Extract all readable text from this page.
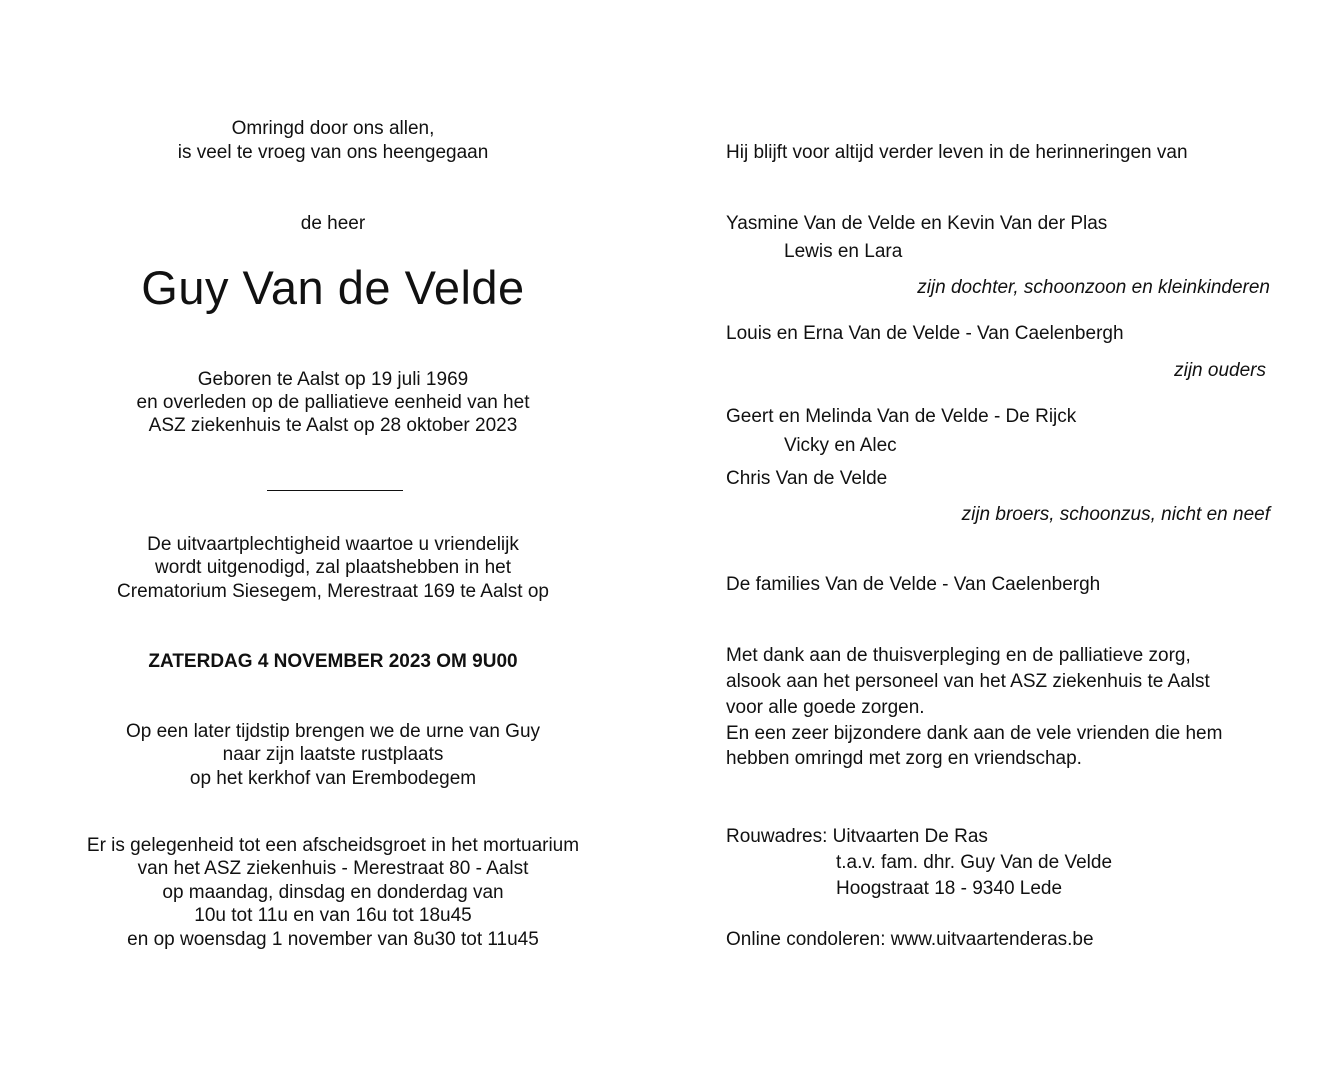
Omringd door ons allen,
is veel te vroeg van ons heengegaan
de heer
Guy Van de Velde
Geboren te Aalst op 19 juli 1969
en overleden op de palliatieve eenheid van het
ASZ ziekenhuis te Aalst op 28 oktober 2023
De uitvaartplechtigheid waartoe u vriendelijk
wordt uitgenodigd, zal plaatshebben in het
Crematorium Siesegem, Merestraat 169 te Aalst op
ZATERDAG 4 NOVEMBER 2023 OM 9U00
Op een later tijdstip brengen we de urne van Guy
naar zijn laatste rustplaats
op het kerkhof van Erembodegem
Er is gelegenheid tot een afscheidsgroet in het mortuarium
van het ASZ ziekenhuis - Merestraat 80 - Aalst
op maandag, dinsdag en donderdag van
10u tot 11u en van 16u tot 18u45
en op woensdag 1 november van 8u30 tot 11u45
Hij blijft voor altijd verder leven in de herinneringen van
Yasmine Van de Velde en Kevin Van der Plas
Lewis en Lara
zijn dochter, schoonzoon en kleinkinderen
Louis en Erna Van de Velde - Van Caelenbergh
zijn ouders
Geert en Melinda Van de Velde - De Rijck
Vicky en Alec
Chris Van de Velde
zijn broers, schoonzus, nicht en neef
De families Van de Velde - Van Caelenbergh
Met dank aan de thuisverpleging en de palliatieve zorg,
alsook aan het personeel van het ASZ ziekenhuis te Aalst
voor alle goede zorgen.
En een zeer bijzondere dank aan de vele vrienden die hem
hebben omringd met zorg en vriendschap.
Rouwadres: Uitvaarten De Ras
t.a.v. fam. dhr. Guy Van de Velde
Hoogstraat 18 - 9340 Lede
Online condoleren: www.uitvaartenderas.be
